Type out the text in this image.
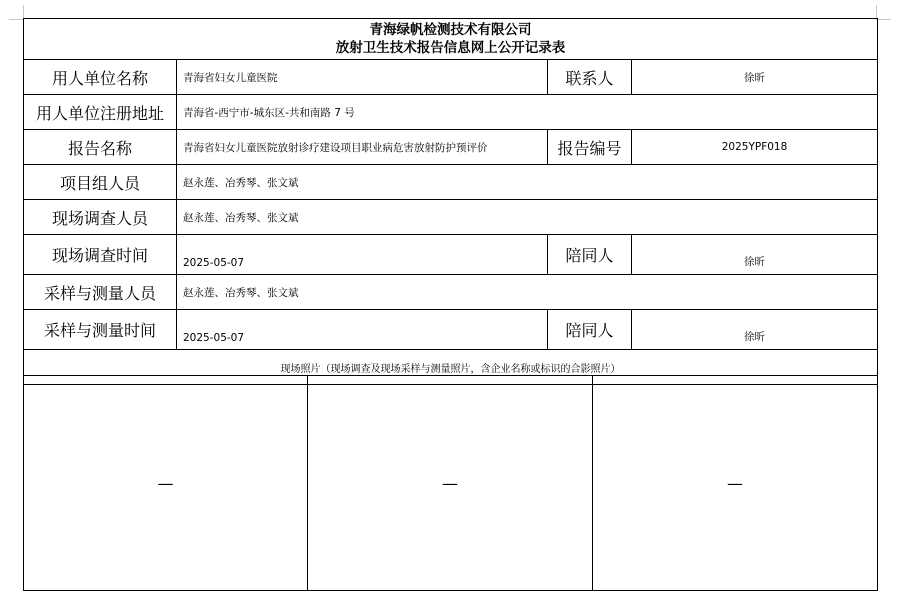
青海绿帆检测技术有限公司
放射卫生技术报告信息网上公开记录表			

用人单位名称	青海省妇女儿童医院	联系人	徐昕
用人单位注册地址	青海省-西宁市-城东区-共和南路 7 号		
报告名称	青海省妇女儿童医院放射诊疗建设项目职业病危害放射防护预评价	报告编号	2025YPF018
项目组人员	赵永莲、冶秀琴、张文斌		
现场调查人员	赵永莲、冶秀琴、张文斌		
现场调查时间	2025-05-07	陪同人	徐昕
采样与测量人员	赵永莲、冶秀琴、张文斌		
采样与测量时间	2025-05-07	陪同人	徐昕
现场照片（现场调查及现场采样与测量照片，含企业名称或标识的合影照片）			
—	—	—
